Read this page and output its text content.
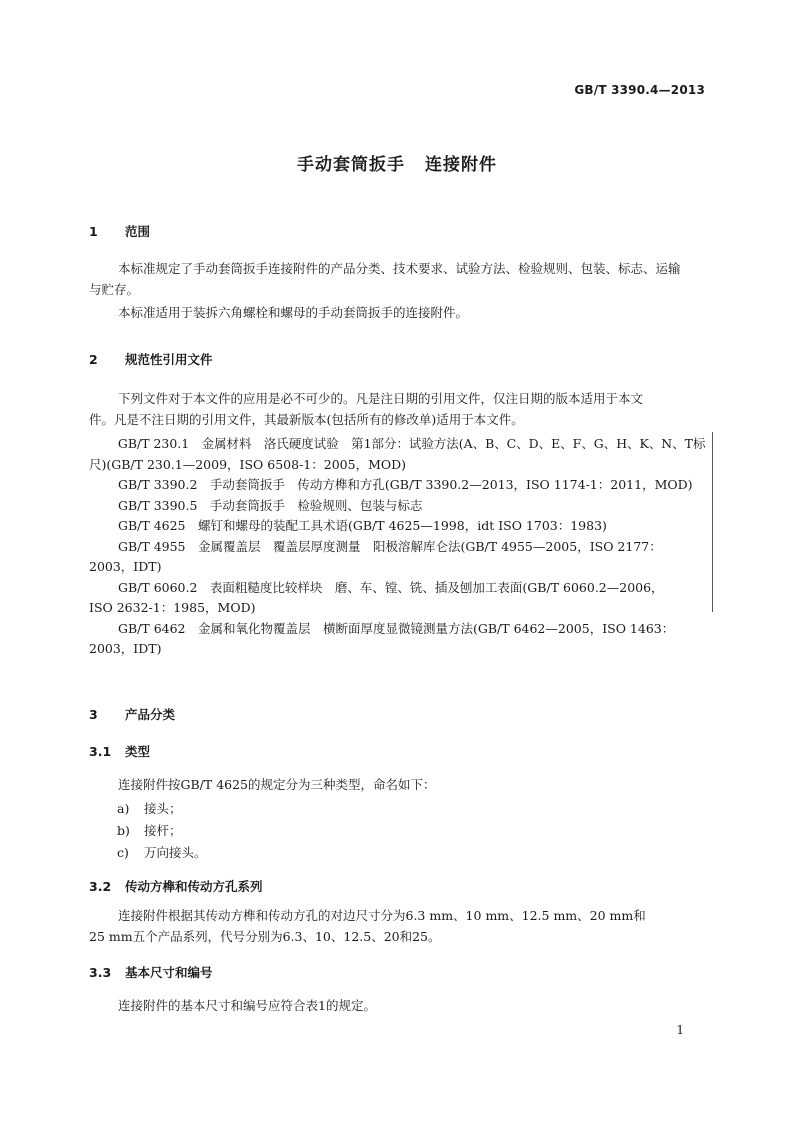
GB/T 3390.4—2013
手动套筒扳手 连接附件
1 范围
本标准规定了手动套筒扳手连接附件的产品分类、技术要求、试验方法、检验规则、包装、标志、运输
与贮存。
本标准适用于装拆六角螺栓和螺母的手动套筒扳手的连接附件。
2 规范性引用文件
下列文件对于本文件的应用是必不可少的。凡是注日期的引用文件，仅注日期的版本适用于本文
件。凡是不注日期的引用文件，其最新版本(包括所有的修改单)适用于本文件。
GB/T 230.1　金属材料　洛氏硬度试验　第1部分：试验方法(A、B、C、D、E、F、G、H、K、N、T标
尺)(GB/T 230.1—2009，ISO 6508-1：2005，MOD)
GB/T 3390.2　手动套筒扳手　传动方榫和方孔(GB/T 3390.2—2013，ISO 1174-1：2011，MOD)
GB/T 3390.5　手动套筒扳手　检验规则、包装与标志
GB/T 4625　螺钉和螺母的装配工具术语(GB/T 4625—1998，idt ISO 1703：1983)
GB/T 4955　金属覆盖层　覆盖层厚度测量　阳极溶解库仑法(GB/T 4955—2005，ISO 2177：
2003，IDT)
GB/T 6060.2　表面粗糙度比较样块　磨、车、镗、铣、插及刨加工表面(GB/T 6060.2—2006，
ISO 2632-1：1985，MOD)
GB/T 6462　金属和氧化物覆盖层　横断面厚度显微镜测量方法(GB/T 6462—2005，ISO 1463：
2003，IDT)
3 产品分类
3.1 类型
连接附件按GB/T 4625的规定分为三种类型，命名如下：
a) 接头；
b) 接杆；
c) 万向接头。
3.2 传动方榫和传动方孔系列
连接附件根据其传动方榫和传动方孔的对边尺寸分为6.3 mm、10 mm、12.5 mm、20 mm和
25 mm五个产品系列，代号分别为6.3、10、12.5、20和25。
3.3 基本尺寸和编号
连接附件的基本尺寸和编号应符合表1的规定。
1
